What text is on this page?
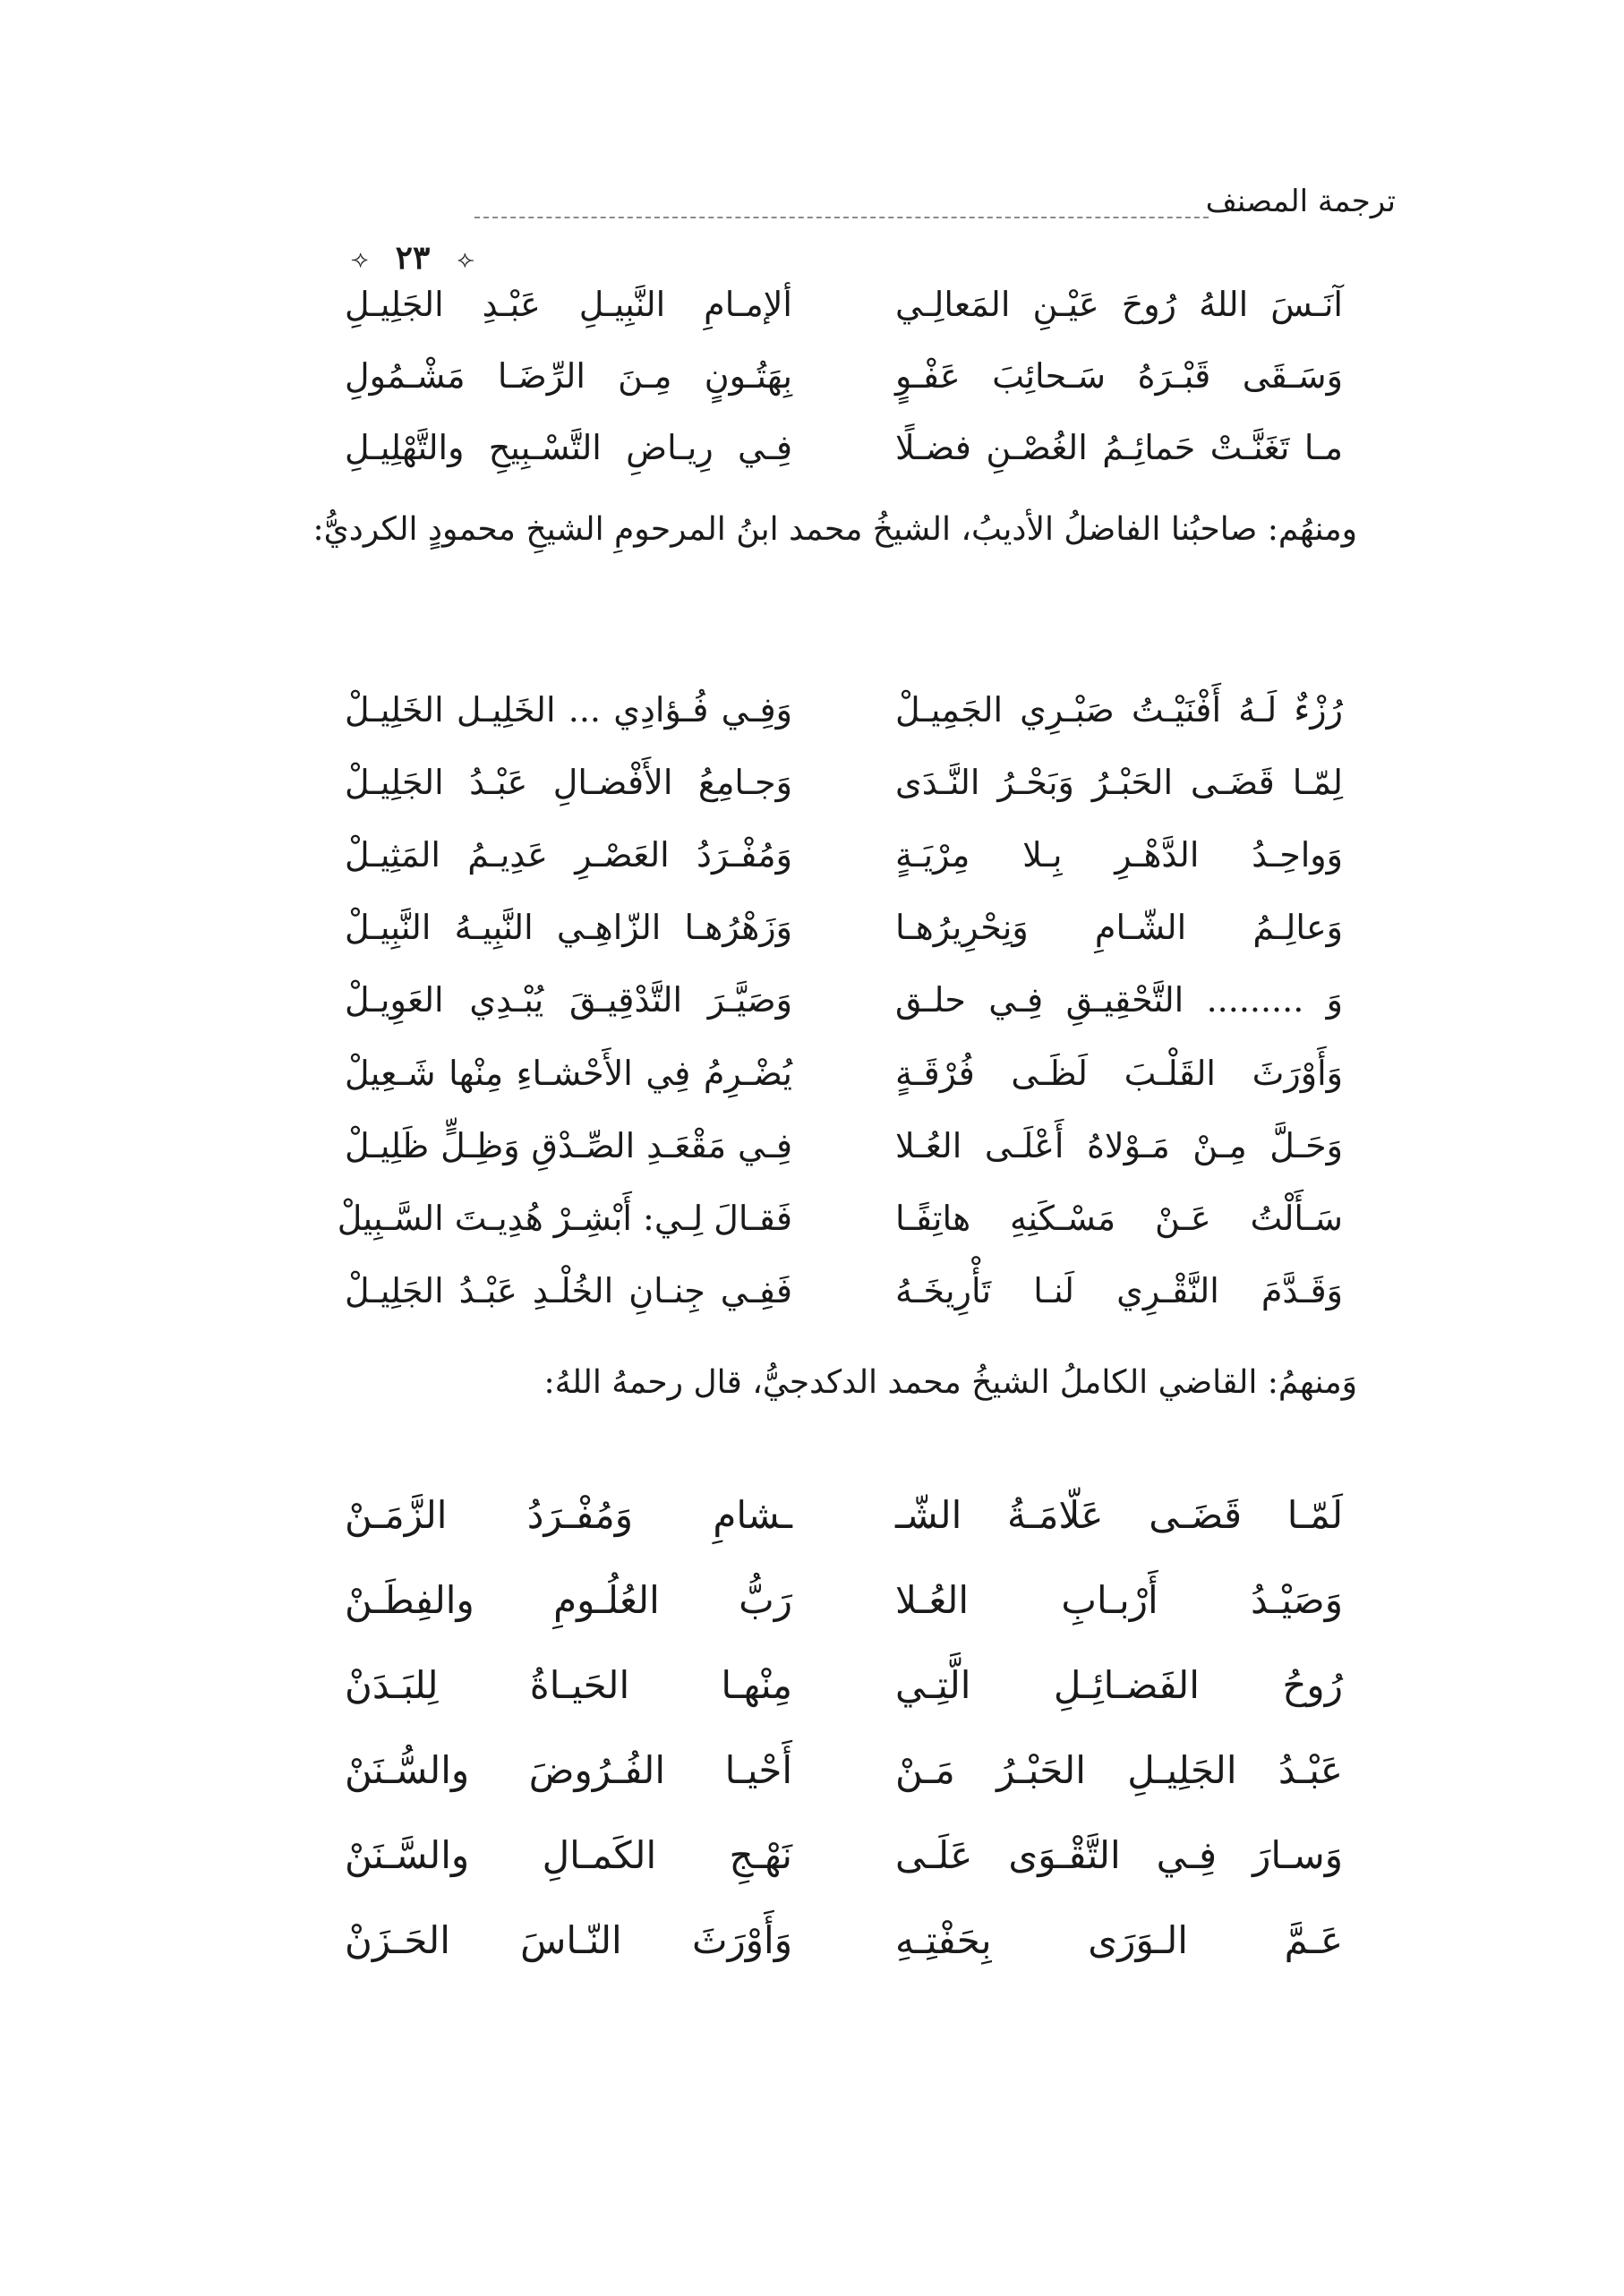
ترجمة المصنف
⟢ ٢٣ ⟣
آنَـسَ اللهُ رُوحَ عَيْـنِ المَعالِـي
ألإمـامِ النَّبِيـلِ عَبْـدِ الجَلِيـلِ
وَسَـقَى قَبْـرَهُ سَـحائِبَ عَفْـوٍ
بِهَتُـونٍ مِـنَ الرِّضَـا مَشْـمُولِ
مـا تَغَنَّـتْ حَمائِـمُ الغُصْـنِ فضـلًا
فِـي رِيـاضِ التَّسْـبِيحِ والتَّهْلِيـلِ
ومنهُم: صاحبُنا الفاضلُ الأديبُ، الشيخُ محمد ابنُ المرحومِ الشيخِ محمودٍ الكرديُّ:
رُزْءٌ لَـهُ أَفْنَيْـتُ صَبْـرِي الجَمِيـلْ
وَفِـي فُـؤادِي ... الخَلِيـل الخَلِيـلْ
لِمّـا قَضَـى الحَبْـرُ وَبَحْـرُ النَّـدَى
وَجـامِعُ الأَفْضـالِ عَبْـدُ الجَلِيـلْ
وَواحِـدُ الدَّهْـرِ بِـلا مِرْيَـةٍ
وَمُفْـرَدُ العَصْـرِ عَدِيـمُ المَثِيـلْ
وَعالِـمُ الشّـامِ وَنِحْرِيرُهـا
وَزَهْرُهـا الزّاهِـي النَّبِيـهُ النَّبِيـلْ
وَ ......... التَّحْقِيـقِ فِـي حلـق
وَصَيَّـرَ التَّدْقِيـقَ يُبْـدِي العَوِيـلْ
وَأَوْرَثَ القَلْـبَ لَظَـى فُرْقَـةٍ
يُضْـرِمُ فِي الأَحْشـاءِ مِنْها شَـعِيلْ
وَحَـلَّ مِـنْ مَـوْلاهُ أَعْلَـى العُـلا
فِـي مَقْعَـدِ الصِّـدْقِ وَظِـلٍّ ظَلِيـلْ
سَـأَلْتُ عَـنْ مَسْـكَنِهِ هاتِفًـا
فَقـالَ لِـي: أَبْشِـرْ هُدِيـتَ السَّـبِيلْ
وَقَـدَّمَ النَّقْـرِي لَنـا تَأْرِيخَـهُ
فَفِـي جِنـانِ الخُلْـدِ عَبْـدُ الجَلِيـلْ
وَمنهمُ: القاضي الكاملُ الشيخُ محمد الدكدجيُّ، قال رحمهُ اللهُ:
لَمّـا قَضَـى عَلّامَـةُ الشّـ
ـشامِ وَمُفْـرَدُ الزَّمَـنْ
وَصَيْـدُ أَرْبـابِ العُـلا
رَبُّ العُلُـومِ والفِطَـنْ
رُوحُ الفَضـائِـلِ الَّتِـي
مِنْهـا الحَيـاةُ لِلبَـدَنْ
عَبْـدُ الجَلِيـلِ الحَبْـرُ مَـنْ
أَحْيـا الفُـرُوضَ والسُّـنَنْ
وَسـارَ فِـي التَّقْـوَى عَلَـى
نَهْـجِ الكَمـالِ والسَّـنَنْ
عَـمَّ الـوَرَى بِحَفْتِـهِ
وَأَوْرَثَ النّـاسَ الحَـزَنْ
